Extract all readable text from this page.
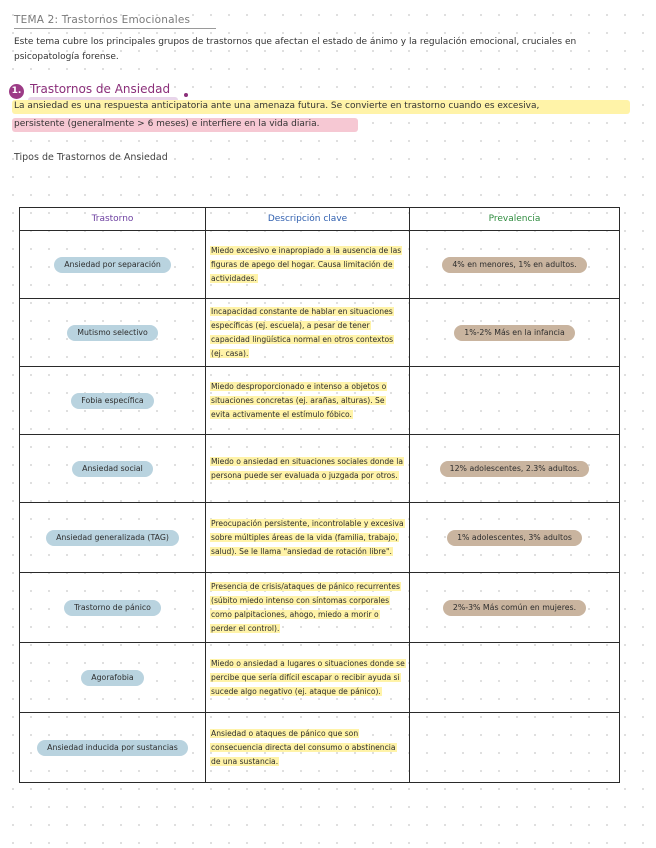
TEMA 2: Trastornos Emocionales
Este tema cubre los principales grupos de trastornos que afectan el estado de ánimo y la regulación emocional, cruciales en psicopatología forense.
1. Trastornos de Ansiedad
La ansiedad es una respuesta anticipatoria ante una amenaza futura. Se convierte en trastorno cuando es excesiva,
persistente (generalmente > 6 meses) e interfiere en la vida diaria.
Tipos de Trastornos de Ansiedad
Trastorno	Descripción clave	Prevalencia
Ansiedad por separación	Miedo excesivo e inapropiado a la ausencia de las figuras de apego del hogar. Causa limitación de actividades.	4% en menores, 1% en adultos.
Mutismo selectivo	Incapacidad constante de hablar en situaciones específicas (ej. escuela), a pesar de tener capacidad lingüística normal en otros contextos (ej. casa).	1%-2% Más en la infancia
Fobia específica	Miedo desproporcionado e intenso a objetos o situaciones concretas (ej. arañas, alturas). Se evita activamente el estímulo fóbico.	
Ansiedad social	Miedo o ansiedad en situaciones sociales donde la persona puede ser evaluada o juzgada por otros.	12% adolescentes, 2.3% adultos.
Ansiedad generalizada (TAG)	Preocupación persistente, incontrolable y excesiva sobre múltiples áreas de la vida (familia, trabajo, salud). Se le llama "ansiedad de rotación libre".	1% adolescentes, 3% adultos
Trastorno de pánico	Presencia de crisis/ataques de pánico recurrentes (súbito miedo intenso con síntomas corporales como palpitaciones, ahogo, miedo a morir o perder el control).	2%-3% Más común en mujeres.
Agorafobia	Miedo o ansiedad a lugares o situaciones donde se percibe que sería difícil escapar o recibir ayuda si sucede algo negativo (ej. ataque de pánico).	
Ansiedad inducida por sustancias	Ansiedad o ataques de pánico que son consecuencia directa del consumo o abstinencia de una sustancia.	
